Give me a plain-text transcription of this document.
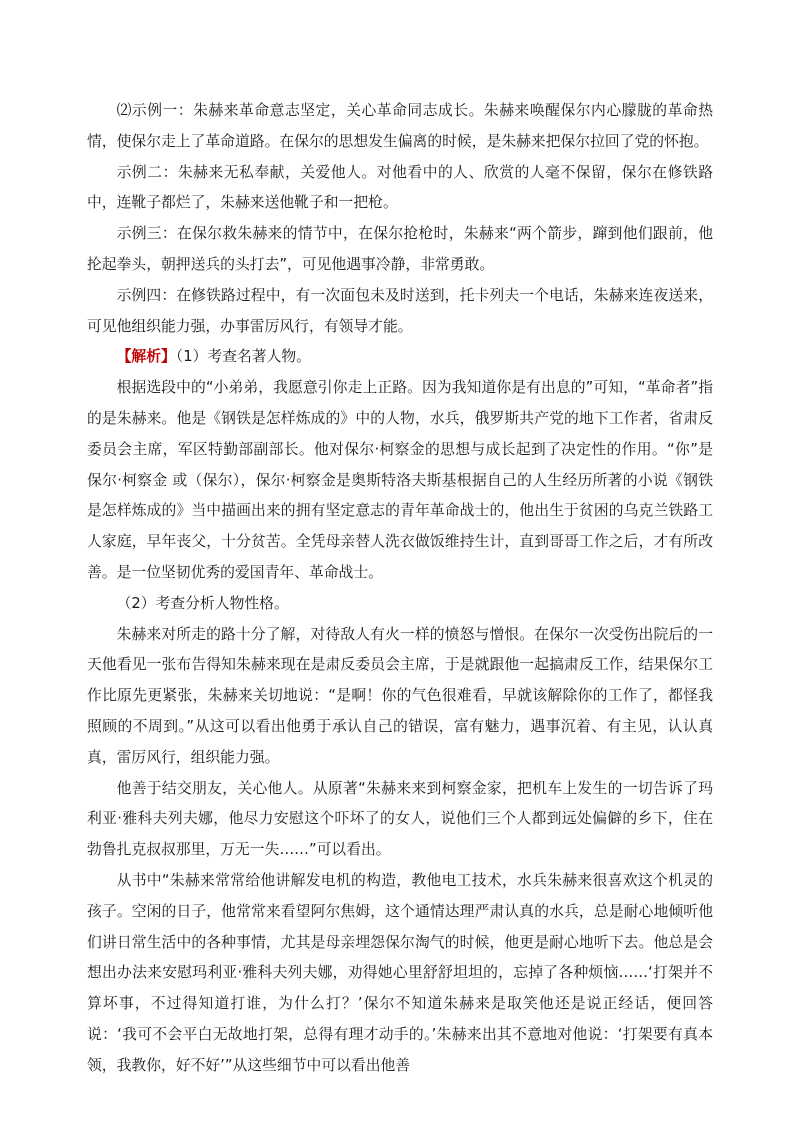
⑵示例一：朱赫来革命意志坚定，关心革命同志成长。朱赫来唤醒保尔内心朦胧的革命热情，使保尔走上了革命道路。在保尔的思想发生偏离的时候，是朱赫来把保尔拉回了党的怀抱。

示例二：朱赫来无私奉献，关爱他人。对他看中的人、欣赏的人毫不保留，保尔在修铁路中，连靴子都烂了，朱赫来送他靴子和一把枪。

示例三：在保尔救朱赫来的情节中，在保尔抢枪时，朱赫来“两个箭步，蹿到他们跟前，他抡起拳头，朝押送兵的头打去”，可见他遇事冷静，非常勇敢。

示例四：在修铁路过程中，有一次面包未及时送到，托卡列夫一个电话，朱赫来连夜送来，可见他组织能力强，办事雷厉风行，有领导才能。

【解析】（1）考查名著人物。

根据选段中的“小弟弟，我愿意引你走上正路。因为我知道你是有出息的”可知，“革命者”指的是朱赫来。他是《钢铁是怎样炼成的》中的人物，水兵，俄罗斯共产党的地下工作者，省肃反委员会主席，军区特勤部副部长。他对保尔·柯察金的思想与成长起到了决定性的作用。“你”是保尔·柯察金 或（保尔），保尔·柯察金是奥斯特洛夫斯基根据自己的人生经历所著的小说《钢铁是怎样炼成的》当中描画出来的拥有坚定意志的青年革命战士的，他出生于贫困的乌克兰铁路工人家庭，早年丧父，十分贫苦。全凭母亲替人洗衣做饭维持生计，直到哥哥工作之后，才有所改善。是一位坚韧优秀的爱国青年、革命战士。

（2）考查分析人物性格。

朱赫来对所走的路十分了解，对待敌人有火一样的愤怒与憎恨。在保尔一次受伤出院后的一天他看见一张布告得知朱赫来现在是肃反委员会主席，于是就跟他一起搞肃反工作，结果保尔工作比原先更紧张，朱赫来关切地说：“是啊！你的气色很难看，早就该解除你的工作了，都怪我照顾的不周到。”从这可以看出他勇于承认自己的错误，富有魅力，遇事沉着、有主见，认认真真，雷厉风行，组织能力强。

他善于结交朋友，关心他人。从原著“朱赫来来到柯察金家，把机车上发生的一切告诉了玛利亚·雅科夫列夫娜，他尽力安慰这个吓坏了的女人，说他们三个人都到远处偏僻的乡下，住在勃鲁扎克叔叔那里，万无一失……”可以看出。

从书中“朱赫来常常给他讲解发电机的构造，教他电工技术，水兵朱赫来很喜欢这个机灵的孩子。空闲的日子，他常常来看望阿尔焦姆，这个通情达理严肃认真的水兵，总是耐心地倾听他们讲日常生活中的各种事情，尤其是母亲埋怨保尔淘气的时候，他更是耐心地听下去。他总是会想出办法来安慰玛利亚·雅科夫列夫娜，劝得她心里舒舒坦坦的，忘掉了各种烦恼……‘打架并不算坏事，不过得知道打谁，为什么打？’保尔不知道朱赫来是取笑他还是说正经话，便回答说：‘我可不会平白无故地打架，总得有理才动手的。’朱赫来出其不意地对他说：‘打架要有真本领，我教你，好不好’”从这些细节中可以看出他善
